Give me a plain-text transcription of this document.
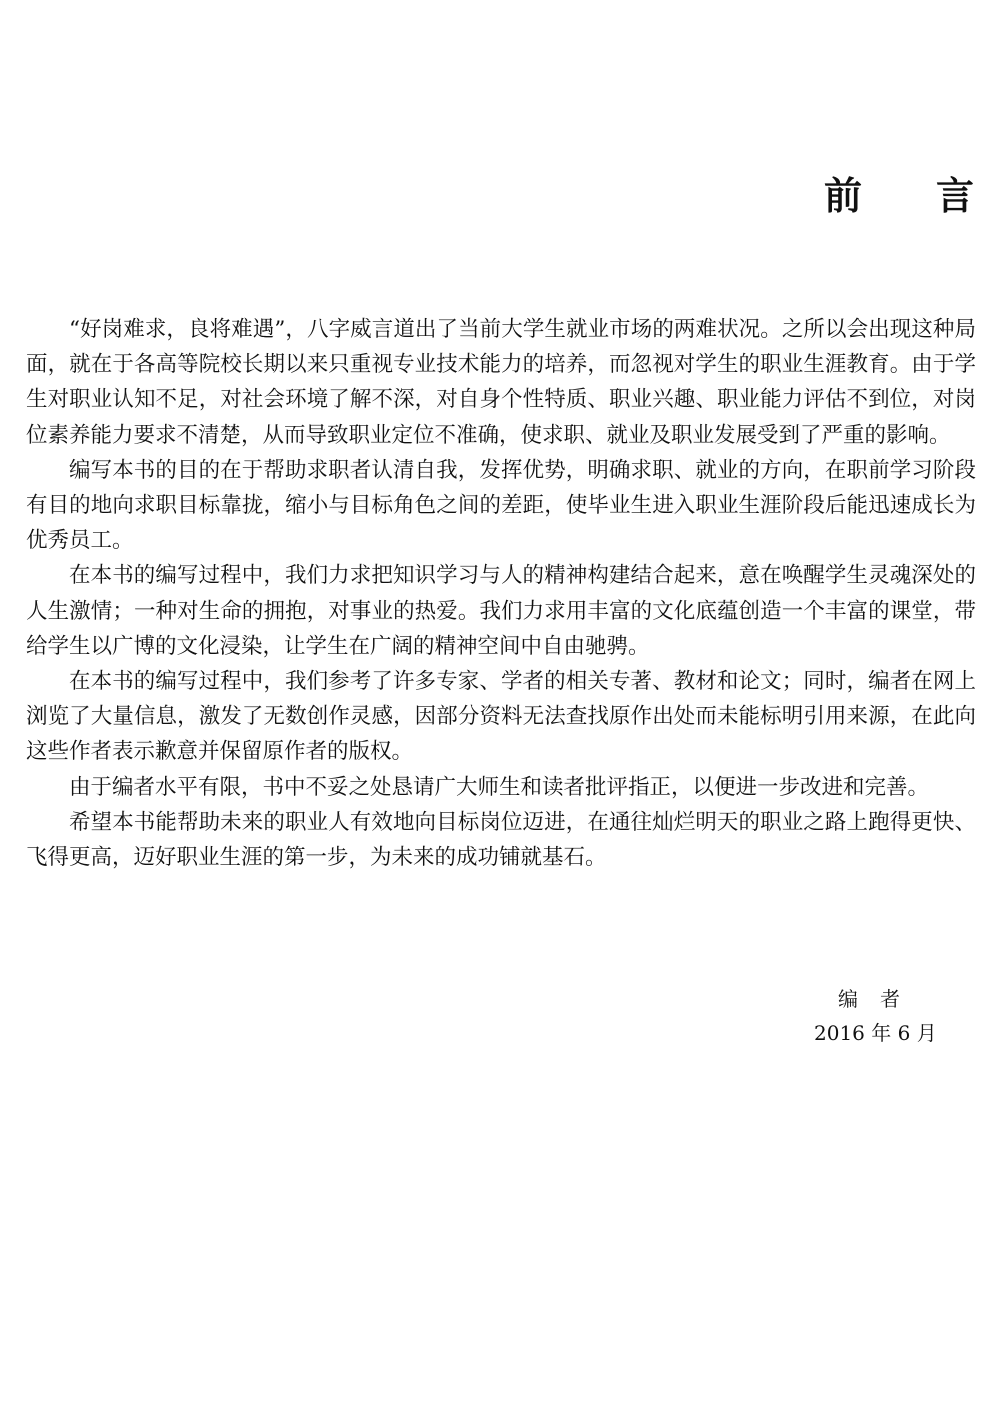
前 言

“好岗难求，良将难遇”，八字威言道出了当前大学生就业市场的两难状况。之所以会出现这种局面，就在于各高等院校长期以来只重视专业技术能力的培养，而忽视对学生的职业生涯教育。由于学生对职业认知不足，对社会环境了解不深，对自身个性特质、职业兴趣、职业能力评估不到位，对岗位素养能力要求不清楚，从而导致职业定位不准确，使求职、就业及职业发展受到了严重的影响。

编写本书的目的在于帮助求职者认清自我，发挥优势，明确求职、就业的方向，在职前学习阶段有目的地向求职目标靠拢，缩小与目标角色之间的差距，使毕业生进入职业生涯阶段后能迅速成长为优秀员工。

在本书的编写过程中，我们力求把知识学习与人的精神构建结合起来，意在唤醒学生灵魂深处的人生激情；一种对生命的拥抱，对事业的热爱。我们力求用丰富的文化底蕴创造一个丰富的课堂，带给学生以广博的文化浸染，让学生在广阔的精神空间中自由驰骋。

在本书的编写过程中，我们参考了许多专家、学者的相关专著、教材和论文；同时，编者在网上浏览了大量信息，激发了无数创作灵感，因部分资料无法查找原作出处而未能标明引用来源，在此向这些作者表示歉意并保留原作者的版权。

由于编者水平有限，书中不妥之处恳请广大师生和读者批评指正，以便进一步改进和完善。

希望本书能帮助未来的职业人有效地向目标岗位迈进，在通往灿烂明天的职业之路上跑得更快、飞得更高，迈好职业生涯的第一步，为未来的成功铺就基石。

编者

2016 年 6 月
